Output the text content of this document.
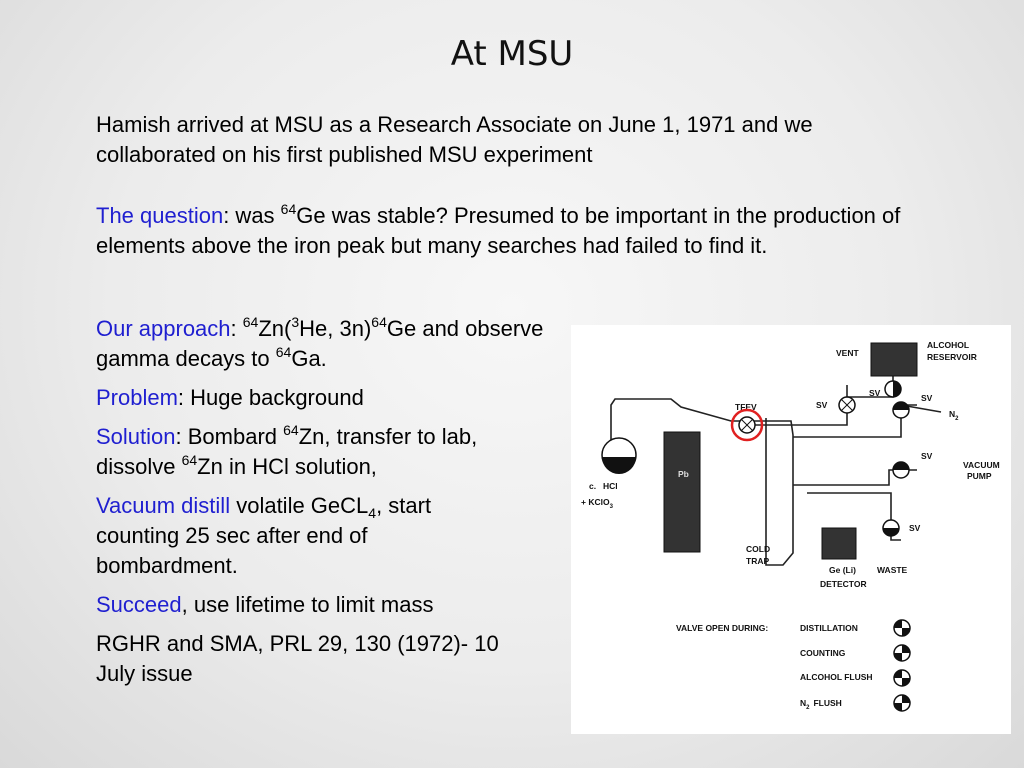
At MSU
Hamish arrived at MSU as a Research Associate on June 1, 1971 and we collaborated on his first published MSU experiment
The question: was $^{64}$Ge was stable? Presumed to be important in the production of elements above the iron peak but many searches had failed to find it.
Our approach: $^{64}$Zn($^3$He, 3n)$^{64}$Ge and observe gamma decays to $^{64}$Ga.
Problem: Huge background
Solution: Bombard $^{64}$Zn, transfer to lab, dissolve $^{64}$Zn in HCl solution,
Vacuum distill volatile GeCL$_4$, start counting 25 sec after end of bombardment.
Succeed, use lifetime to limit mass
RGHR and SMA, PRL 29, 130 (1972)- 10 July issue
ALCOHOL
RESERVOIR
VENT
SV
SV	SV
SV
SV
TFEV
$N_2$
VACUUM
PUMP
c. HCl
+ KClO$_3$
Pb
COLD
TRAP
Ge (Li)
DETECTOR
WASTE
VALVE OPEN DURING:	DISTILLATION
COUNTING
ALCOHOL FLUSH
$N_2$ FLUSH
